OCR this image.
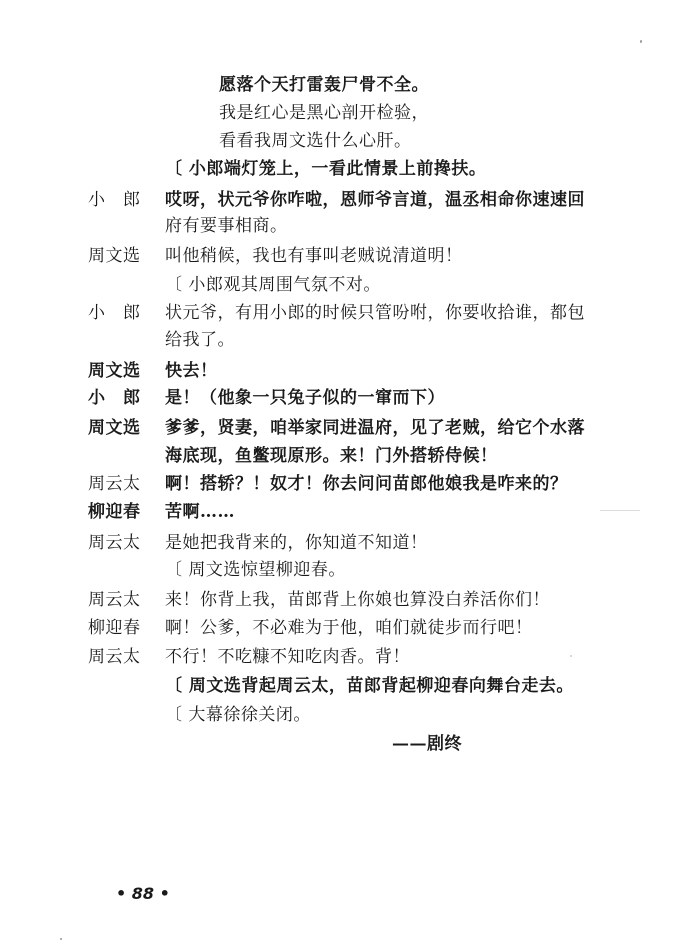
愿落个天打雷轰尸骨不全。
我是红心是黑心剖开检验，
看看我周文选什么心肝。
〔 小郎端灯笼上，一看此情景上前搀扶。
小　郎 哎呀，状元爷你咋啦，恩师爷言道，温丞相命你速速回
府有要事相商。
周文选 叫他稍候，我也有事叫老贼说清道明！
〔 小郎观其周围气氛不对。
小　郎 状元爷，有用小郎的时候只管吩咐，你要收拾谁，都包
给我了。
周文选 快去！
小　郎 是！（他象一只兔子似的一窜而下）
周文选 爹爹，贤妻，咱举家同进温府，见了老贼，给它个水落
海底现，鱼鳖现原形。来！门外搭轿侍候！
周云太 啊！搭轿？！奴才！你去问问苗郎他娘我是咋来的？
柳迎春 苦啊……
周云太 是她把我背来的，你知道不知道！
〔 周文选惊望柳迎春。
周云太 来！你背上我，苗郎背上你娘也算没白养活你们！
柳迎春 啊！公爹，不必难为于他，咱们就徒步而行吧！
周云太 不行！不吃糠不知吃肉香。背！
〔 周文选背起周云太，苗郎背起柳迎春向舞台走去。
〔 大幕徐徐关闭。
——剧终
• 88 •
